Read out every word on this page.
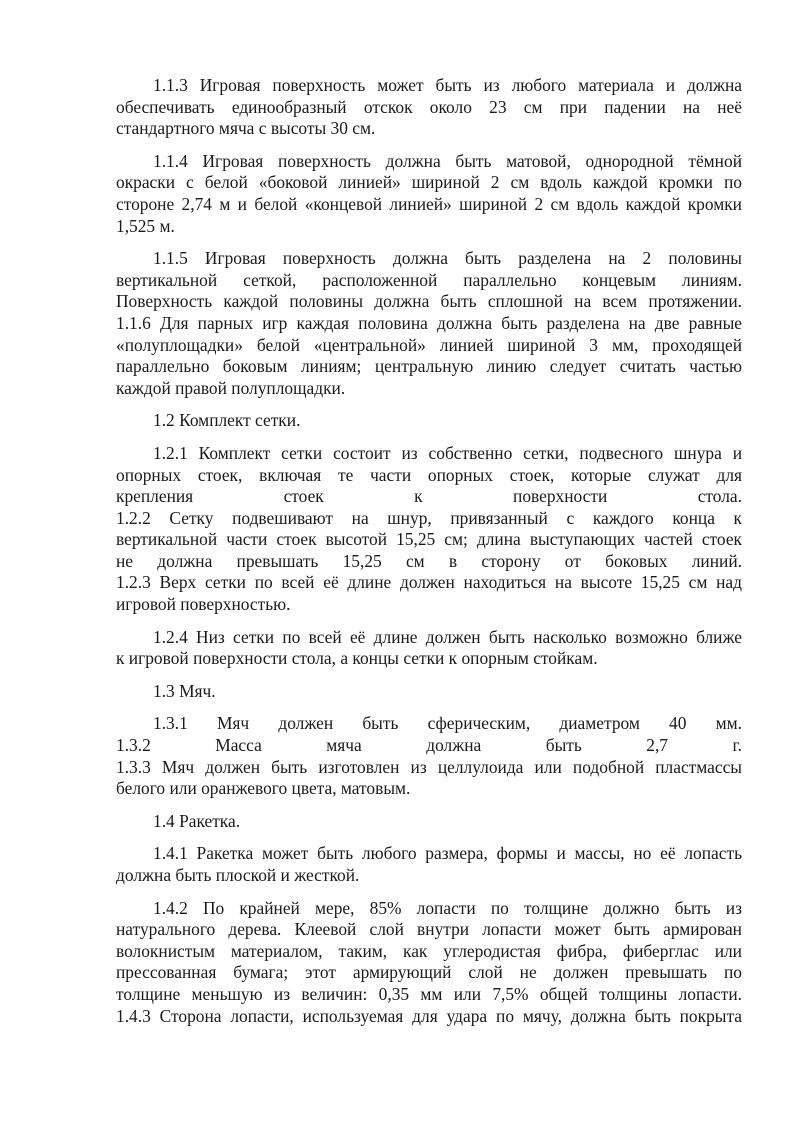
1.1.3 Игровая поверхность может быть из любого материала и должна
обеспечивать единообразный отскок около 23 см при падении на неё
стандартного мяча с высоты 30 см.

1.1.4 Игровая поверхность должна быть матовой, однородной тёмной
окраски с белой «боковой линией» шириной 2 см вдоль каждой кромки по
стороне 2,74 м и белой «концевой линией» шириной 2 см вдоль каждой кромки
1,525 м.

1.1.5 Игровая поверхность должна быть разделена на 2 половины
вертикальной сеткой, расположенной параллельно концевым линиям.
Поверхность каждой половины должна быть сплошной на всем протяжении.
1.1.6 Для парных игр каждая половина должна быть разделена на две равные
«полуплощадки» белой «центральной» линией шириной 3 мм, проходящей
параллельно боковым линиям; центральную линию следует считать частью
каждой правой полуплощадки.

1.2 Комплект сетки.

1.2.1 Комплект сетки состоит из собственно сетки, подвесного шнура и
опорных стоек, включая те части опорных стоек, которые служат для
крепления стоек к поверхности стола.
1.2.2 Сетку подвешивают на шнур, привязанный с каждого конца к
вертикальной части стоек высотой 15,25 см; длина выступающих частей стоек
не должна превышать 15,25 см в сторону от боковых линий.
1.2.3 Верх сетки по всей её длине должен находиться на высоте 15,25 см над
игровой поверхностью.

1.2.4 Низ сетки по всей её длине должен быть насколько возможно ближе
к игровой поверхности стола, а концы сетки к опорным стойкам.

1.3 Мяч.

1.3.1 Мяч должен быть сферическим, диаметром 40 мм.
1.3.2 Масса мяча должна быть 2,7 г.
1.3.3 Мяч должен быть изготовлен из целлулоида или подобной пластмассы
белого или оранжевого цвета, матовым.

1.4 Ракетка.

1.4.1 Ракетка может быть любого размера, формы и массы, но её лопасть
должна быть плоской и жесткой.

1.4.2 По крайней мере, 85% лопасти по толщине должно быть из
натурального дерева. Клеевой слой внутри лопасти может быть армирован
волокнистым материалом, таким, как углеродистая фибра, фиберглас или
прессованная бумага; этот армирующий слой не должен превышать по
толщине меньшую из величин: 0,35 мм или 7,5% общей толщины лопасти.
1.4.3 Сторона лопасти, используемая для удара по мячу, должна быть покрыта
